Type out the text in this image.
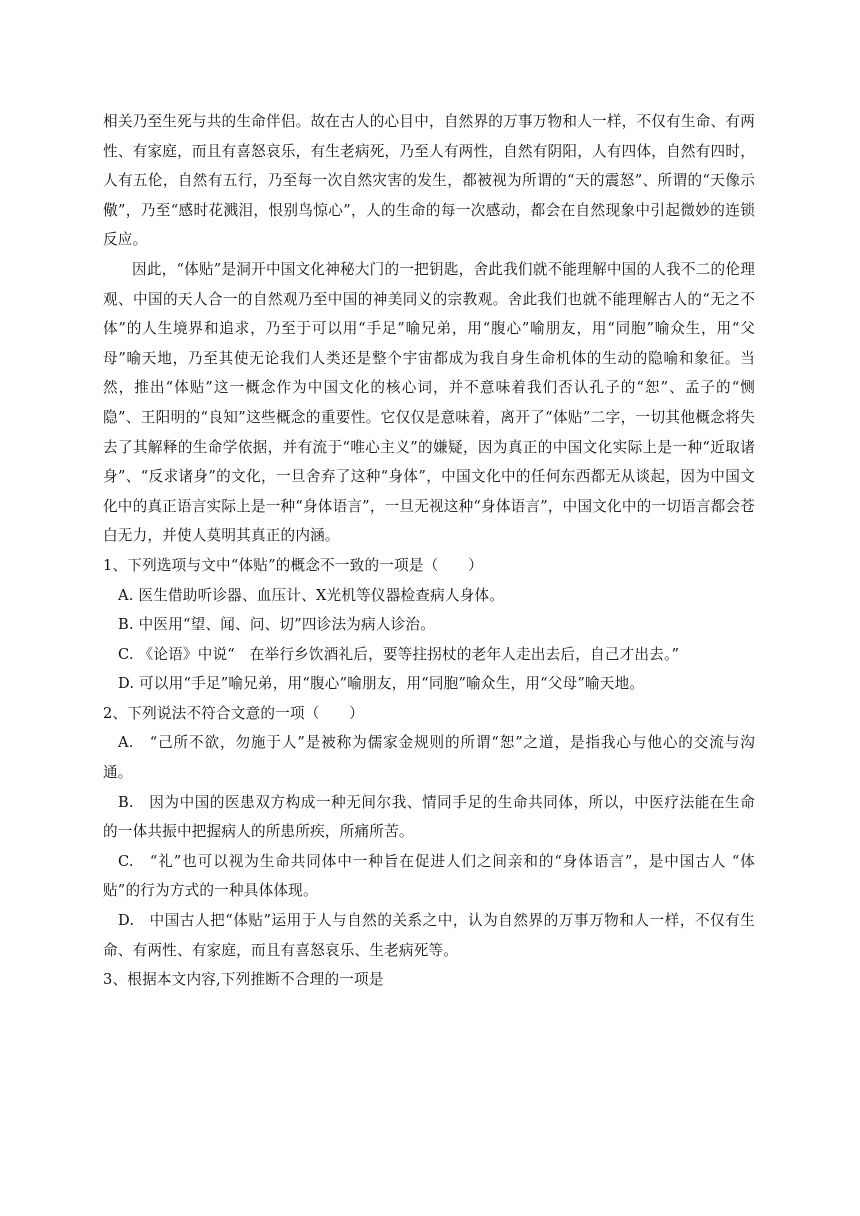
相关乃至生死与共的生命伴侣。故在古人的心目中，自然界的万事万物和人一样，不仅有生命、有两性、有家庭，而且有喜怒哀乐，有生老病死，乃至人有两性，自然有阴阳，人有四体，自然有四时，人有五伦，自然有五行，乃至每一次自然灾害的发生，都被视为所谓的“天的震怒”、所谓的“天像示儆”，乃至“感时花溅泪，恨别鸟惊心”，人的生命的每一次感动，都会在自然现象中引起微妙的连锁反应。

因此，“体贴”是洞开中国文化神秘大门的一把钥匙，舍此我们就不能理解中国的人我不二的伦理观、中国的天人合一的自然观乃至中国的神美同义的宗教观。舍此我们也就不能理解古人的“无之不体”的人生境界和追求，乃至于可以用“手足”喻兄弟，用“腹心”喻朋友，用“同胞”喻众生，用“父母”喻天地，乃至其使无论我们人类还是整个宇宙都成为我自身生命机体的生动的隐喻和象征。当然，推出“体贴”这一概念作为中国文化的核心词，并不意味着我们否认孔子的“恕”、孟子的“恻隐”、王阳明的“良知”这些概念的重要性。它仅仅是意味着，离开了“体贴”二字，一切其他概念将失去了其解释的生命学依据，并有流于“唯心主义”的嫌疑，因为真正的中国文化实际上是一种“近取诸身”、“反求诸身”的文化，一旦舍弃了这种“身体”，中国文化中的任何东西都无从谈起，因为中国文化中的真正语言实际上是一种“身体语言”，一旦无视这种“身体语言”，中国文化中的一切语言都会苍白无力，并使人莫明其真正的内涵。

1、下列选项与文中“体贴”的概念不一致的一项是（　　）

A. 医生借助听诊器、血压计、X光机等仪器检查病人身体。

B. 中医用“望、闻、问、切”四诊法为病人诊治。

C. 《论语》中说“　在举行乡饮酒礼后，要等拄拐杖的老年人走出去后，自己才出去。”

D. 可以用“手足”喻兄弟，用“腹心”喻朋友，用“同胞”喻众生，用“父母”喻天地。

2、下列说法不符合文意的一项（　　）

A.　“己所不欲，勿施于人”是被称为儒家金规则的所谓“恕”之道，是指我心与他心的交流与沟通。

B.　因为中国的医患双方构成一种无间尔我、情同手足的生命共同体，所以，中医疗法能在生命的一体共振中把握病人的所患所疾，所痛所苦。

C.　“礼”也可以视为生命共同体中一种旨在促进人们之间亲和的“身体语言”，是中国古人 “体贴”的行为方式的一种具体体现。

D.　中国古人把“体贴”运用于人与自然的关系之中，认为自然界的万事万物和人一样，不仅有生命、有两性、有家庭，而且有喜怒哀乐、生老病死等。

3、根据本文内容,下列推断不合理的一项是
